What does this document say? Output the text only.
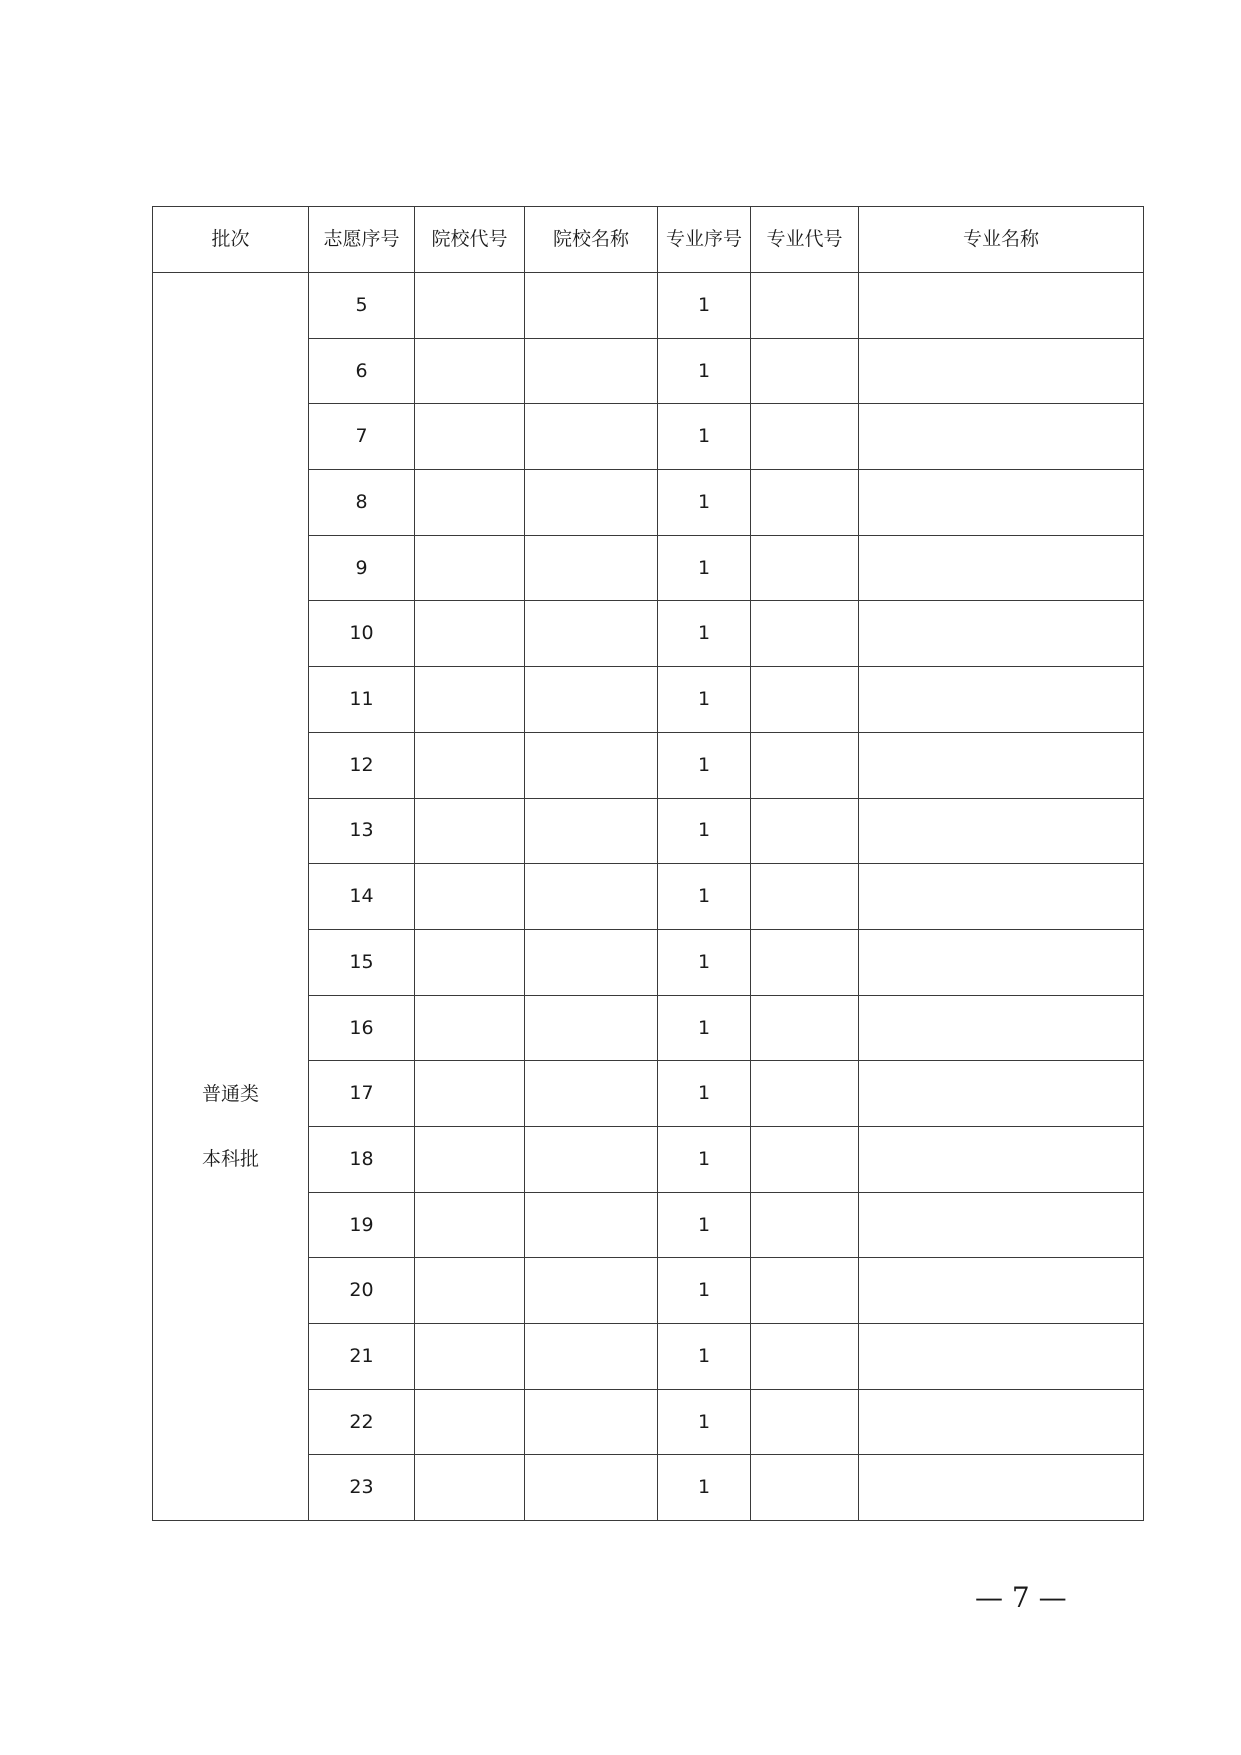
批次	志愿序号	院校代号	院校名称	专业序号	专业代号	专业名称

普通类
本科批	5			1		
	6			1		
	7			1		
	8			1		
	9			1		
	10			1		
	11			1		
	12			1		
	13			1		
	14			1		
	15			1		
	16			1		
	17			1		
	18			1		
	19			1		
	20			1		
	21			1		
	22			1		
	23			1		
— 7 —
